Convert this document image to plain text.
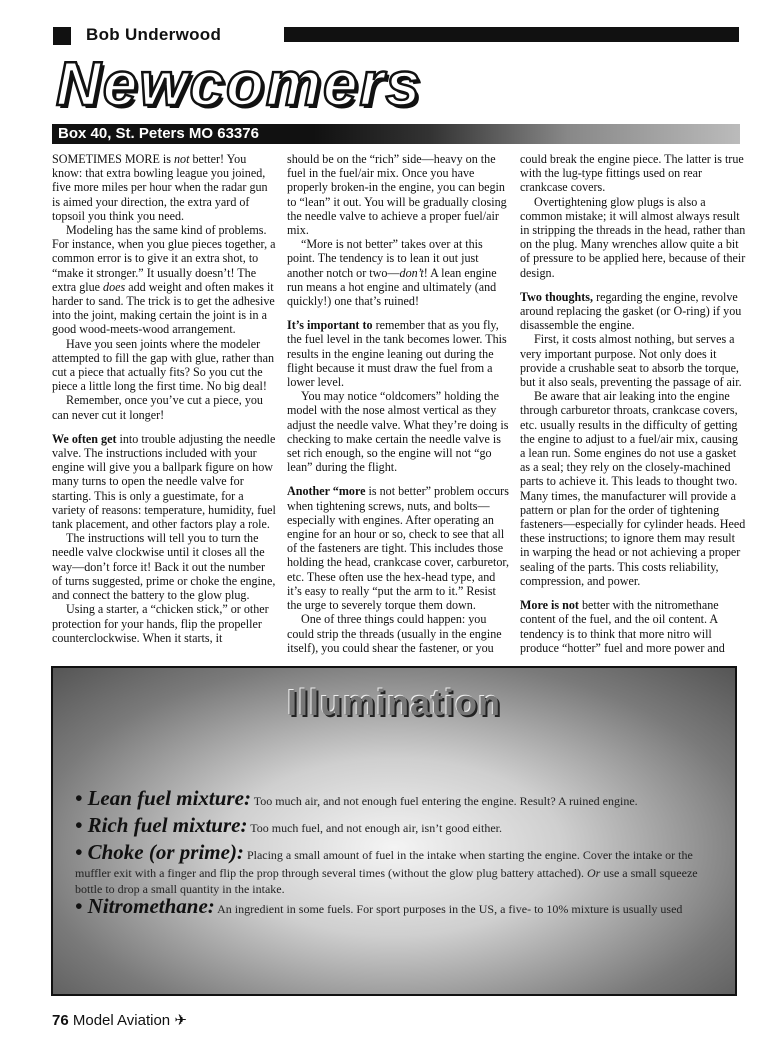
Bob Underwood
Newcomers
Box 40, St. Peters MO 63376

SOMETIMES MORE is not better! You know: that extra bowling league you joined, five more miles per hour when the radar gun is aimed your direction, the extra yard of topsoil you think you need.

Modeling has the same kind of problems. For instance, when you glue pieces together, a common error is to give it an extra shot, to “make it stronger.” It usually doesn’t! The extra glue does add weight and often makes it harder to sand. The trick is to get the adhesive into the joint, making certain the joint is in a good wood-meets-wood arrangement.

Have you seen joints where the modeler attempted to fill the gap with glue, rather than cut a piece that actually fits? So you cut the piece a little long the first time. No big deal!

Remember, once you’ve cut a piece, you can never cut it longer!

We often get into trouble adjusting the needle valve. The instructions included with your engine will give you a ballpark figure on how many turns to open the needle valve for starting. This is only a guestimate, for a variety of reasons: temperature, humidity, fuel tank placement, and other factors play a role.

The instructions will tell you to turn the needle valve clockwise until it closes all the way—don’t force it! Back it out the number of turns suggested, prime or choke the engine, and connect the battery to the glow plug.

Using a starter, a “chicken stick,” or other protection for your hands, flip the propeller counterclockwise. When it starts, it

should be on the “rich” side—heavy on the fuel in the fuel/air mix. Once you have properly broken-in the engine, you can begin to “lean” it out. You will be gradually closing the needle valve to achieve a proper fuel/air mix.

“More is not better” takes over at this point. The tendency is to lean it out just another notch or two—don’t! A lean engine run means a hot engine and ultimately (and quickly!) one that’s ruined!

It’s important to remember that as you fly, the fuel level in the tank becomes lower. This results in the engine leaning out during the flight because it must draw the fuel from a lower level.

You may notice “oldcomers” holding the model with the nose almost vertical as they adjust the needle valve. What they’re doing is checking to make certain the needle valve is set rich enough, so the engine will not “go lean” during the flight.

Another “more is not better” problem occurs when tightening screws, nuts, and bolts—especially with engines. After operating an engine for an hour or so, check to see that all of the fasteners are tight. This includes those holding the head, crankcase cover, carburetor, etc. These often use the hex-head type, and it’s easy to really “put the arm to it.” Resist the urge to severely torque them down.

One of three things could happen: you could strip the threads (usually in the engine itself), you could shear the fastener, or you

could break the engine piece. The latter is true with the lug-type fittings used on rear crankcase covers.

Overtightening glow plugs is also a common mistake; it will almost always result in stripping the threads in the head, rather than on the plug. Many wrenches allow quite a bit of pressure to be applied here, because of their design.

Two thoughts, regarding the engine, revolve around replacing the gasket (or O-ring) if you disassemble the engine.

First, it costs almost nothing, but serves a very important purpose. Not only does it provide a crushable seat to absorb the torque, but it also seals, preventing the passage of air.

Be aware that air leaking into the engine through carburetor throats, crankcase covers, etc. usually results in the difficulty of getting the engine to adjust to a fuel/air mix, causing a lean run. Some engines do not use a gasket as a seal; they rely on the closely-machined parts to achieve it. This leads to thought two. Many times, the manufacturer will provide a pattern or plan for the order of tightening fasteners—especially for cylinder heads. Heed these instructions; to ignore them may result in warping the head or not achieving a proper sealing of the parts. This costs reliability, compression, and power.

More is not better with the nitromethane content of the fuel, and the oil content. A tendency is to think that more nitro will produce “hotter” fuel and more power and

Illumination
• Lean fuel mixture: Too much air, and not enough fuel entering the engine. Result? A ruined engine.
• Rich fuel mixture: Too much fuel, and not enough air, isn’t good either.
• Choke (or prime): Placing a small amount of fuel in the intake when starting the engine. Cover the intake or the muffler exit with a finger and flip the prop through several times (without the glow plug battery attached). Or use a small squeeze bottle to drop a small quantity in the intake.
• Nitromethane: An ingredient in some fuels. For sport purposes in the US, a five- to 10% mixture is usually used
76 Model Aviation ✈
